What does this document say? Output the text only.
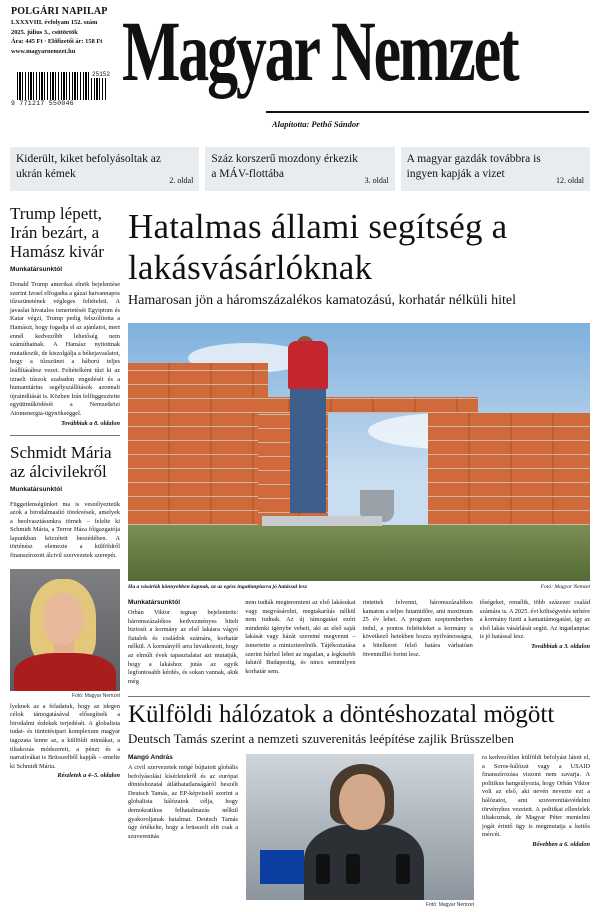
POLGÁRI NAPILAP
LXXXVIII. évfolyam 152. szám
2025. július 3., csütörtök
Ára: 445 Ft · Előfizetői ár: 158 Ft
www.magyarnemzet.hu
25152
9 771217 550046
Magyar Nemzet
Alapította: Pethő Sándor
Kiderült, kiket befolyásoltak az ukrán kémek
2. oldal
Száz korszerű mozdony érkezik a MÁV-flottába
3. oldal
A magyar gazdák továbbra is ingyen kapják a vizet
12. oldal
Trump lépett, Irán bezárt, a Hamász kivár
Munkatársunktól
Donald Trump amerikai elnök bejelentése szerint Izrael elfogadta a gázai hatvannapos tűzszünetének végleges feltételeit. A javaslat hivatalos ismertetését Egyiptom és Katar végzi, Trump pedig felszólította a Hamászt, hogy fogadja el az ajánlatot, mert ennél kedvezőbb lehetőség nem számíthatnak. A Hamász nyitottnak mutatkozik, de kiszolgálja a békejavaslatot, hogy a tűzszünet a háború teljes leállításához vezet. Feltételként tűzi ki az izraeli túszok szabadon engedését és a humanitárius segélyszállítások azonnali újraindítását is. Közben Irán felfüggesztette együttműködését a Nemzetközi Atomenergia-ügynökséggel.
Továbbiak a 8. oldalon
Schmidt Mária az álcivilekről
Munkatársunktól
Függetlenségünket ma is veszélyeztetik azok a birodalmasító törekvések, amelyek a beolvasztásunkra törnek – felelte ki Schmidt Mária, a Terror Háza főigazgatója lapunkban közzétett beszédében. A történész elemezte a külföldről finanszírozott álcivil szervezetek szerepét.
Fotó: Magyar Nemzet
lyeknek az a feladatuk, hogy az idegen célok támogatásával elősegítsék a birodalmi érdekek terjedését. A globalista tudat- és tüntetésipari komplexum magyar tagozata lenne az, a külföldi mintákat, a tiltakozás módszereit, a pénzt és a narratívákat is Brüsszelből kapják – emelte ki Schmidt Mária.
Részletek a 4–5. oldalon
Hatalmas állami segítség a lakásvásárlóknak
Hamarosan jön a háromszázalékos kamatozású, korhatár nélküli hitel
Ha a vásárlók könnyebben kapnak, az az egész ingatlanpiacra jó hatással lesz	Fotó: Magyar Nemzet
Munkatársunktól
Orbán Viktor tegnap bejelentette: háromszázalékos kedvezményes hitelt biztosít a kormány az első lakásra vágyó fiatalok és családok számára, korhatár nélkül. A kormányfő arra hivatkozott, hogy az elmúlt évek tapasztalatai azt mutatják, hogy a lakáshoz jutás az egyik legfontosabb kérdés, és sokan vannak, akik még
nem tudták megteremteni az első lakásukat vagy megvásárolni, megtakarítás nélkül nem tudnak. Az új támogatást ezért mindenki igénybe veheti, aki az első saját lakását vagy házát szeretné megvenni – ismertette a miniszterelnök. Tájékoztatása szerint bárhol lehet az ingatlan, a legkisebb falutól Budapestig, és nincs semmilyen korhatár sem.
rintettek felvenni, háromszázalékos kamaton a teljes futamidőre, ami maximum 25 év lehet. A program szeptemberben indul, a pontos feltételeket a kormány a következő hetekben hozza nyilvánosságra, a hitelkeret felső határa várhatóan ötvenmillió forint lesz.
tőségeket, remélik, több százezer család számára is. A 2025. évi költségvetés terhére a kormány fizeti a kamattámogatást, így az első lakás vásárlását segíti. Az ingatlanpiac is jó hatással lesz.
Továbbiak a 3. oldalon
Külföldi hálózatok a döntéshozatal mögött
Deutsch Tamás szerint a nemzeti szuverenitás leépítése zajlik Brüsszelben
Mangó András
A civil szervezetek mögé bújtatott globális befolyásolási kísérletekről és az európai döntéshozatal átláthatatlanságáról beszélt Deutsch Tamás, az EP-képviselő szerint a globalista hálózatok célja, hogy demokratikus felhatalmazás nélkül gyakoroljanak hatalmat. Deutsch Tamás úgy értékelte, hogy a brüsszeli elit csak a szuverenitás
Fotó: Magyar Nemzet
ra kedvezőtlen külföldi befolyást látott el, a Soros-hálózat vagy a USAID finanszírozása viszont nem zavarja. A politikus hangsúlyozta, hogy Orbán Viktor volt az első, aki nevén nevezte ezt a hálózatot, ami szuverenitásvédelmi törvényhez vezetett. A politikai ellenfelek tiltakoznak, de Magyar Péter mentelmi jogát érintő ügy is megmutatja a kettős mércét.
Bővebben a 6. oldalon
